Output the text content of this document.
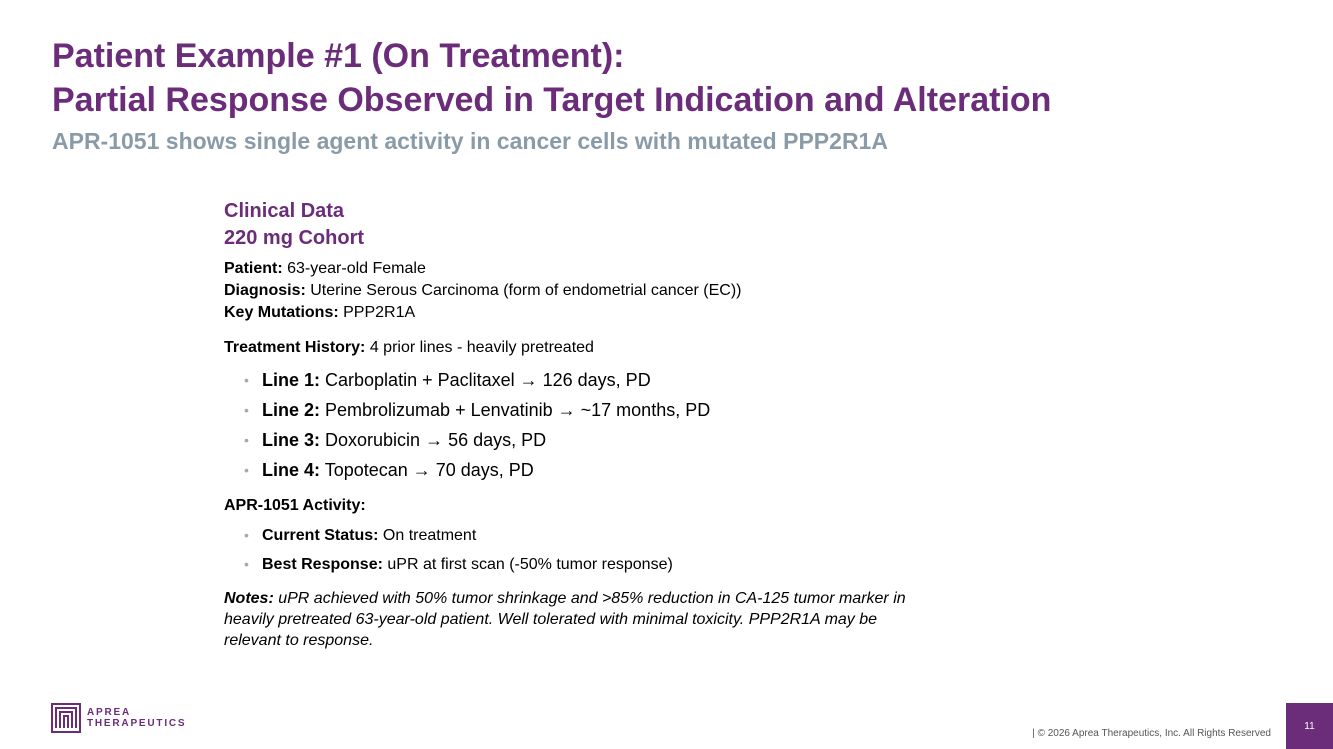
Patient Example #1 (On Treatment):
Partial Response Observed in Target Indication and Alteration
APR-1051 shows single agent activity in cancer cells with mutated PPP2R1A
Clinical Data
220 mg Cohort
Patient: 63-year-old Female
Diagnosis: Uterine Serous Carcinoma (form of endometrial cancer (EC))
Key Mutations: PPP2R1A
Treatment History: 4 prior lines - heavily pretreated
• Line 1: Carboplatin + Paclitaxel → 126 days, PD
• Line 2: Pembrolizumab + Lenvatinib → ~17 months, PD
• Line 3: Doxorubicin → 56 days, PD
• Line 4: Topotecan → 70 days, PD
APR-1051 Activity:
• Current Status: On treatment
• Best Response: uPR at first scan (-50% tumor response)
Notes: uPR achieved with 50% tumor shrinkage and >85% reduction in CA-125 tumor marker in heavily pretreated 63-year-old patient. Well tolerated with minimal toxicity. PPP2R1A may be relevant to response.
APREA
THERAPEUTICS
| © 2026 Aprea Therapeutics, Inc. All Rights Reserved
11
